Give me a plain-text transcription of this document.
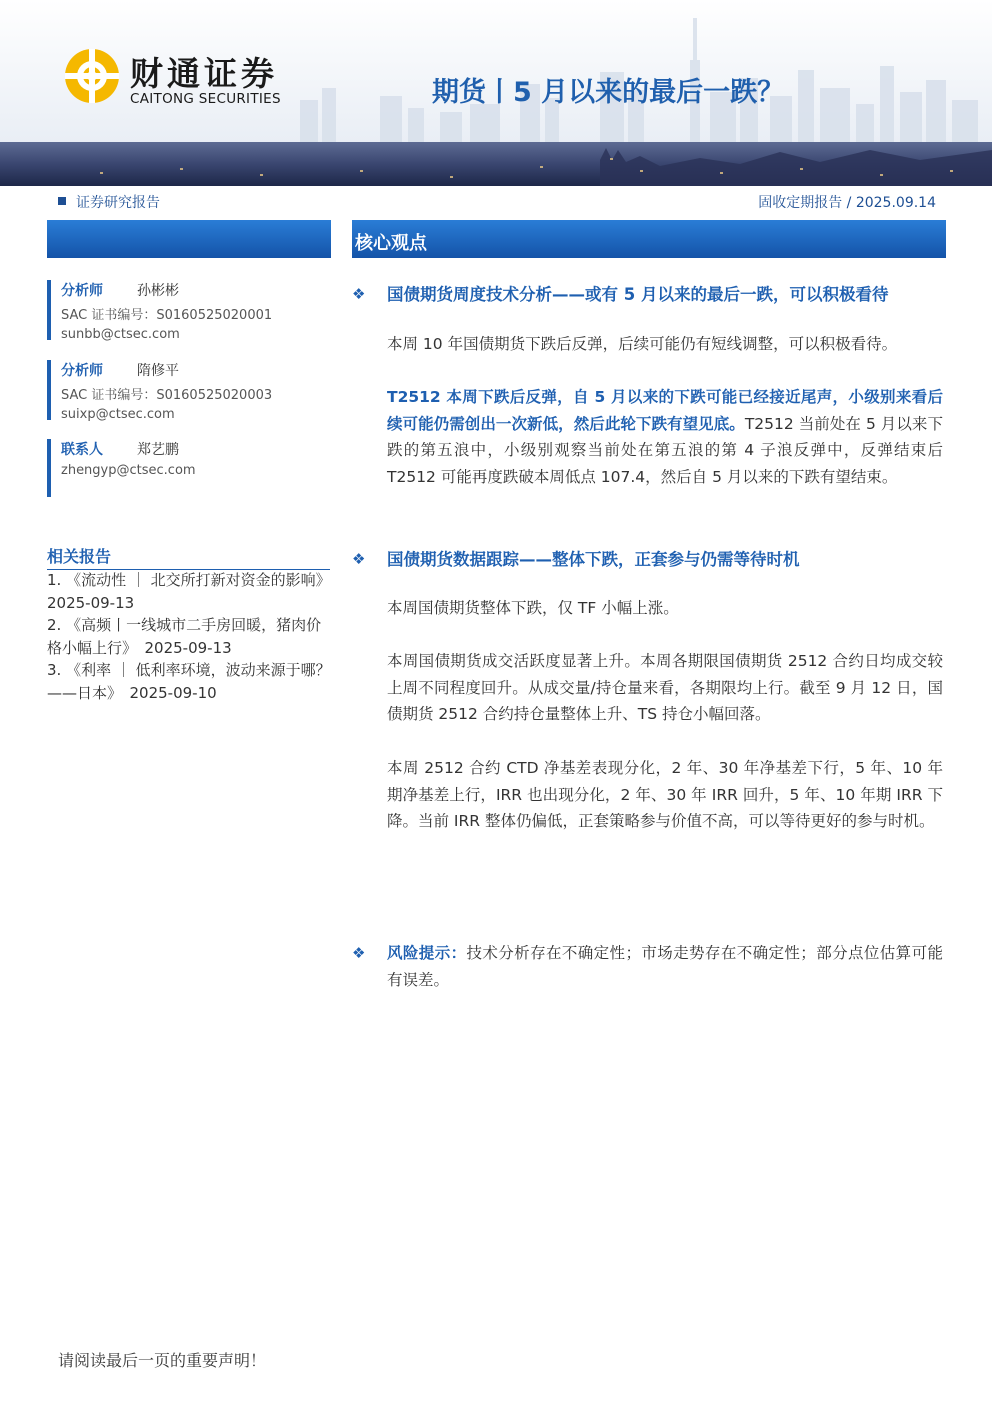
财通证券
CAITONG SECURITIES	期货丨5 月以来的最后一跌？
证券研究报告	固收定期报告 / 2025.09.14
核心观点
分析师 孙彬彬
SAC 证书编号：S0160525020001
sunbb@ctsec.com
分析师 隋修平
SAC 证书编号：S0160525020003
suixp@ctsec.com
联系人 郑艺鹏
zhengyp@ctsec.com
相关报告

1. 《流动性 ｜ 北交所打新对资金的影响》 2025-09-13

2. 《高频丨一线城市二手房回暖，猪肉价格小幅上行》　2025-09-13

3. 《利率 ｜ 低利率环境，波动来源于哪？——日本》　2025-09-10

❖ 国债期货周度技术分析——或有 5 月以来的最后一跌，可以积极看待
本周 10 年国债期货下跌后反弹，后续可能仍有短线调整，可以积极看待。
T2512 本周下跌后反弹，自 5 月以来的下跌可能已经接近尾声，小级别来看后续可能仍需创出一次新低，然后此轮下跌有望见底。T2512 当前处在 5 月以来下跌的第五浪中，小级别观察当前处在第五浪的第 4 子浪反弹中，反弹结束后 T2512 可能再度跌破本周低点 107.4，然后自 5 月以来的下跌有望结束。
❖ 国债期货数据跟踪——整体下跌，正套参与仍需等待时机
本周国债期货整体下跌，仅 TF 小幅上涨。
本周国债期货成交活跃度显著上升。本周各期限国债期货 2512 合约日均成交较上周不同程度回升。从成交量/持仓量来看，各期限均上行。截至 9 月 12 日，国债期货 2512 合约持仓量整体上升、TS 持仓小幅回落。
本周 2512 合约 CTD 净基差表现分化，2 年、30 年净基差下行，5 年、10 年期净基差上行，IRR 也出现分化，2 年、30 年 IRR 回升，5 年、10 年期 IRR 下降。当前 IRR 整体仍偏低，正套策略参与价值不高，可以等待更好的参与时机。
❖	风险提示：技术分析存在不确定性；市场走势存在不确定性；部分点位估算可能有误差。
请阅读最后一页的重要声明！
